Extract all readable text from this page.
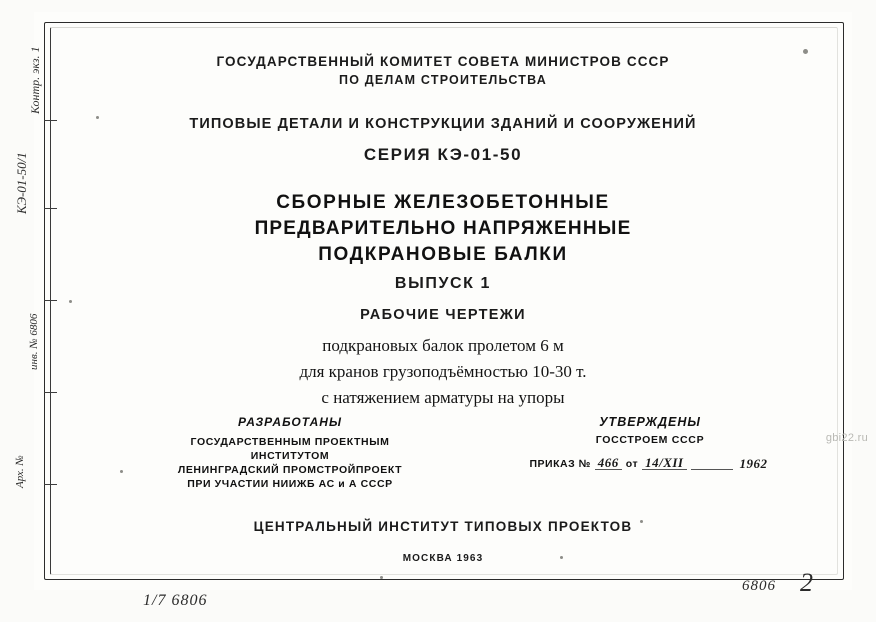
Контр. экз. 1
КЭ-01-50/1
инв. № 6806
Арх. №
ГОСУДАРСТВЕННЫЙ КОМИТЕТ СОВЕТА МИНИСТРОВ СССР
ПО ДЕЛАМ СТРОИТЕЛЬСТВА
ТИПОВЫЕ ДЕТАЛИ И КОНСТРУКЦИИ ЗДАНИЙ И СООРУЖЕНИЙ
СЕРИЯ КЭ-01-50
СБОРНЫЕ ЖЕЛЕЗОБЕТОННЫЕ
ПРЕДВАРИТЕЛЬНО НАПРЯЖЕННЫЕ
ПОДКРАНОВЫЕ БАЛКИ
ВЫПУСК 1
РАБОЧИЕ ЧЕРТЕЖИ
подкрановых балок пролетом 6 м
для кранов грузоподъёмностью 10-30 т.
с натяжением арматуры на упоры
РАЗРАБОТАНЫ
ГОСУДАРСТВЕННЫМ ПРОЕКТНЫМ ИНСТИТУТОМ
ЛЕНИНГРАДСКИЙ ПРОМСТРОЙПРОЕКТ
ПРИ УЧАСТИИ НИИЖБ АС и А СССР
УТВЕРЖДЕНЫ
ГОССТРОЕМ СССР
ПРИКАЗ № 466 от 14/ХII	1962
ЦЕНТРАЛЬНЫЙ ИНСТИТУТ ТИПОВЫХ ПРОЕКТОВ
МОСКВА 1963
1/7 6806
6806 2
gbi22.ru
